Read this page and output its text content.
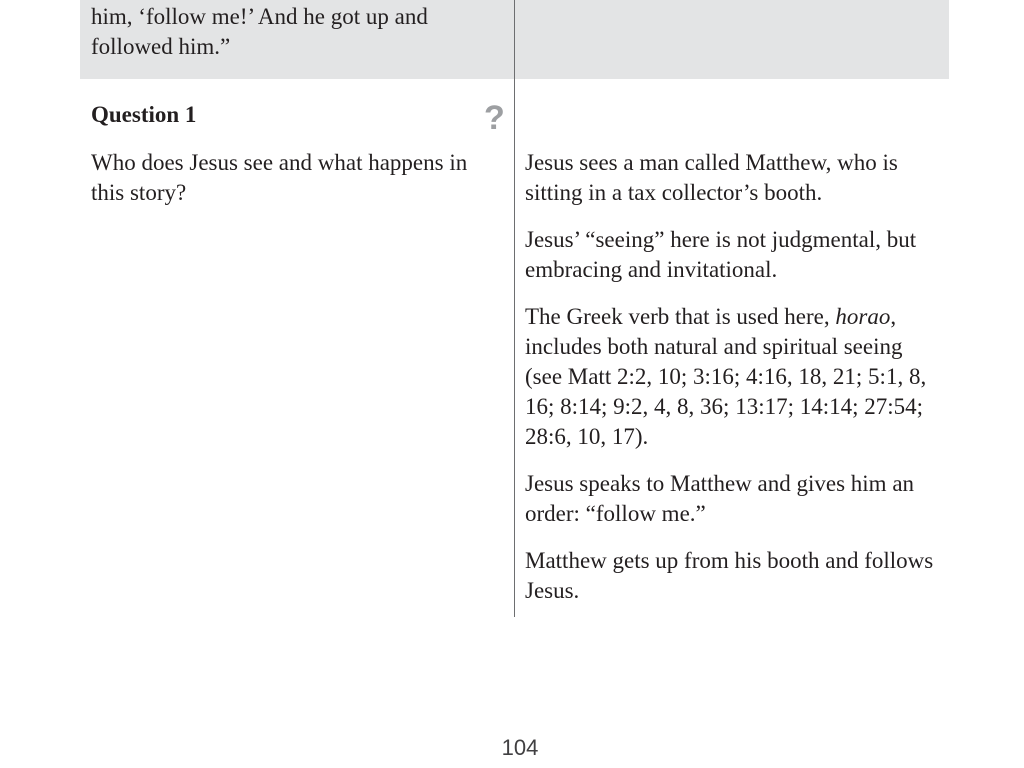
him, ‘follow me!’ And he got up and
followed him.”
Question 1	?
Who does Jesus see and what happens in this story?

Jesus sees a man called Matthew, who is sitting in a tax collector’s booth.

Jesus’ “seeing” here is not judgmental, but embracing and invitational.

The Greek verb that is used here, horao, includes both natural and spiritual seeing (see Matt 2:2, 10; 3:16; 4:16, 18, 21; 5:1, 8, 16; 8:14; 9:2, 4, 8, 36; 13:17; 14:14; 27:54; 28:6, 10, 17).

Jesus speaks to Matthew and gives him an order: “follow me.”

Matthew gets up from his booth and follows Jesus.

104
